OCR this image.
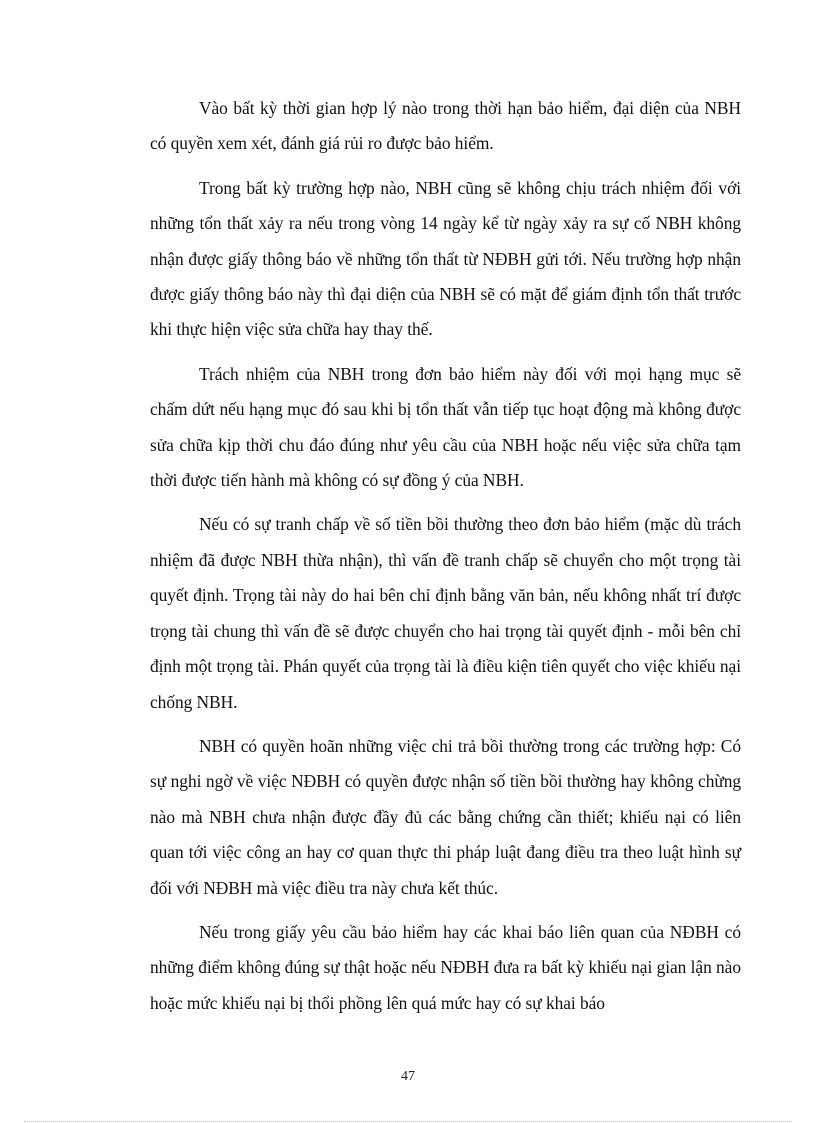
Vào bất kỳ thời gian hợp lý nào trong thời hạn bảo hiểm, đại diện của NBH có quyền xem xét, đánh giá rủi ro được bảo hiểm.

Trong bất kỳ trường hợp nào, NBH cũng sẽ không chịu trách nhiệm đối với những tổn thất xảy ra nếu trong vòng 14 ngày kể từ ngày xảy ra sự cố NBH không nhận được giấy thông báo về những tổn thất từ NĐBH gửi tới. Nếu trường hợp nhận được giấy thông báo này thì đại diện của NBH sẽ có mặt để giám định tổn thất trước khi thực hiện việc sửa chữa hay thay thế.

Trách nhiệm của NBH trong đơn bảo hiểm này đối với mọi hạng mục sẽ chấm dứt nếu hạng mục đó sau khi bị tổn thất vẫn tiếp tục hoạt động mà không được sửa chữa kịp thời chu đáo đúng như yêu cầu của NBH hoặc nếu việc sửa chữa tạm thời được tiến hành mà không có sự đồng ý của NBH.

Nếu có sự tranh chấp về số tiền bồi thường theo đơn bảo hiểm (mặc dù trách nhiệm đã được NBH thừa nhận), thì vấn đề tranh chấp sẽ chuyển cho một trọng tài quyết định. Trọng tài này do hai bên chỉ định bằng văn bản, nếu không nhất trí được trọng tài chung thì vấn đề sẽ được chuyển cho hai trọng tài quyết định - mỗi bên chỉ định một trọng tài. Phán quyết của trọng tài là điều kiện tiên quyết cho việc khiếu nại chống NBH.

NBH có quyền hoãn những việc chi trả bồi thường trong các trường hợp: Có sự nghi ngờ về việc NĐBH có quyền được nhận số tiền bồi thường hay không chừng nào mà NBH chưa nhận được đầy đủ các bằng chứng cần thiết; khiếu nại có liên quan tới việc công an hay cơ quan thực thi pháp luật đang điều tra theo luật hình sự đối với NĐBH mà việc điều tra này chưa kết thúc.

Nếu trong giấy yêu cầu bảo hiểm hay các khai báo liên quan của NĐBH có những điểm không đúng sự thật hoặc nếu NĐBH đưa ra bất kỳ khiếu nại gian lận nào hoặc mức khiếu nại bị thổi phồng lên quá mức hay có sự khai báo

47
